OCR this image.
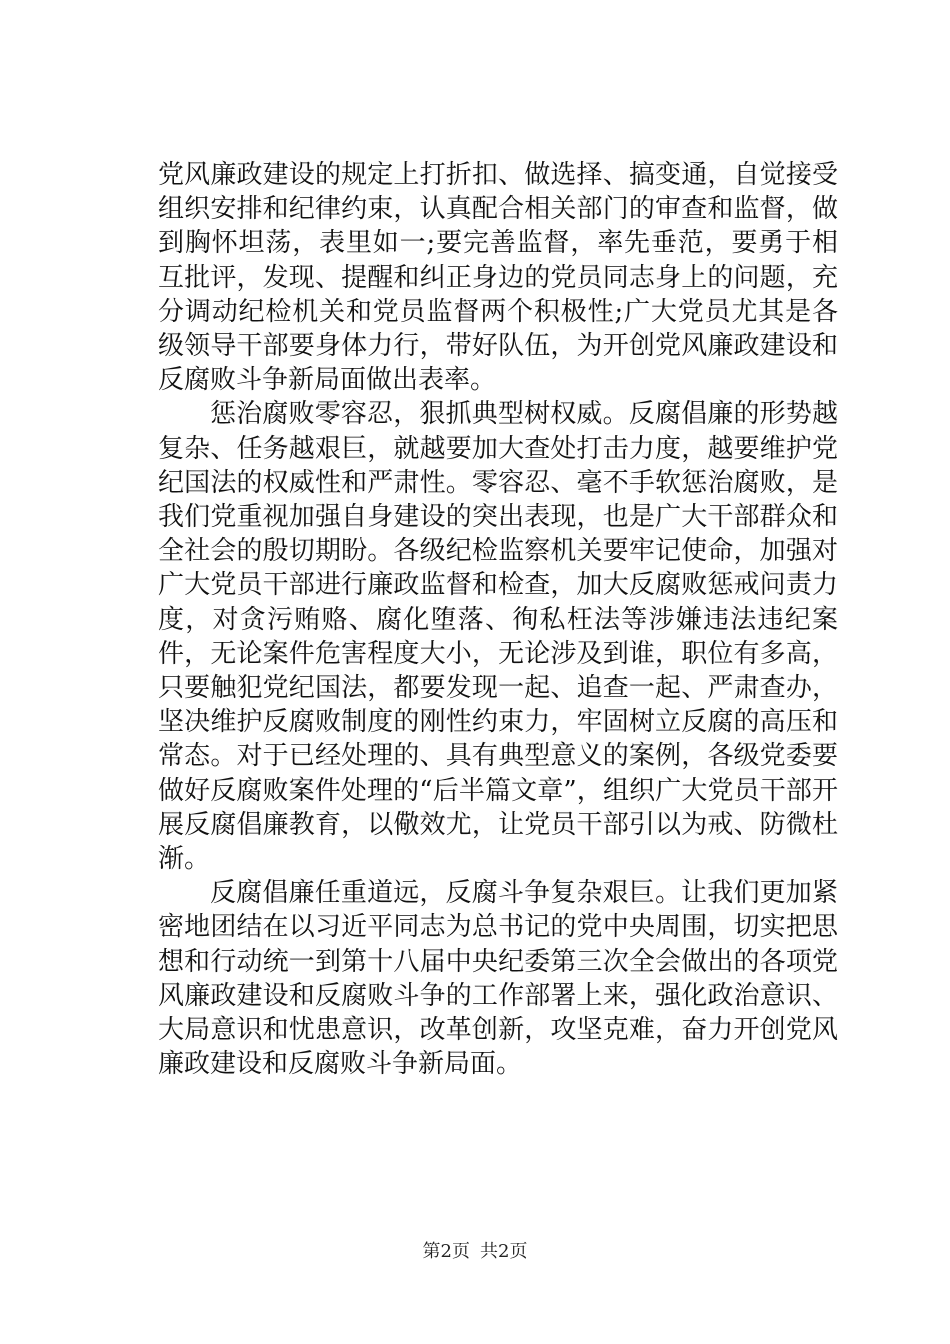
党风廉政建设的规定上打折扣、做选择、搞变通，自觉接受组织安排和纪律约束，认真配合相关部门的审查和监督，做到胸怀坦荡，表里如一;要完善监督，率先垂范，要勇于相互批评，发现、提醒和纠正身边的党员同志身上的问题，充分调动纪检机关和党员监督两个积极性;广大党员尤其是各级领导干部要身体力行，带好队伍，为开创党风廉政建设和反腐败斗争新局面做出表率。

惩治腐败零容忍，狠抓典型树权威。反腐倡廉的形势越复杂、任务越艰巨，就越要加大查处打击力度，越要维护党纪国法的权威性和严肃性。零容忍、毫不手软惩治腐败，是我们党重视加强自身建设的突出表现，也是广大干部群众和全社会的殷切期盼。各级纪检监察机关要牢记使命，加强对广大党员干部进行廉政监督和检查，加大反腐败惩戒问责力度，对贪污贿赂、腐化堕落、徇私枉法等涉嫌违法违纪案件，无论案件危害程度大小，无论涉及到谁，职位有多高，只要触犯党纪国法，都要发现一起、追查一起、严肃查办，坚决维护反腐败制度的刚性约束力，牢固树立反腐的高压和常态。对于已经处理的、具有典型意义的案例，各级党委要做好反腐败案件处理的“后半篇文章”，组织广大党员干部开展反腐倡廉教育，以儆效尤，让党员干部引以为戒、防微杜渐。

反腐倡廉任重道远，反腐斗争复杂艰巨。让我们更加紧密地团结在以习近平同志为总书记的党中央周围，切实把思想和行动统一到第十八届中央纪委第三次全会做出的各项党风廉政建设和反腐败斗争的工作部署上来，强化政治意识、大局意识和忧患意识，改革创新，攻坚克难，奋力开创党风廉政建设和反腐败斗争新局面。

第2页 共2页
